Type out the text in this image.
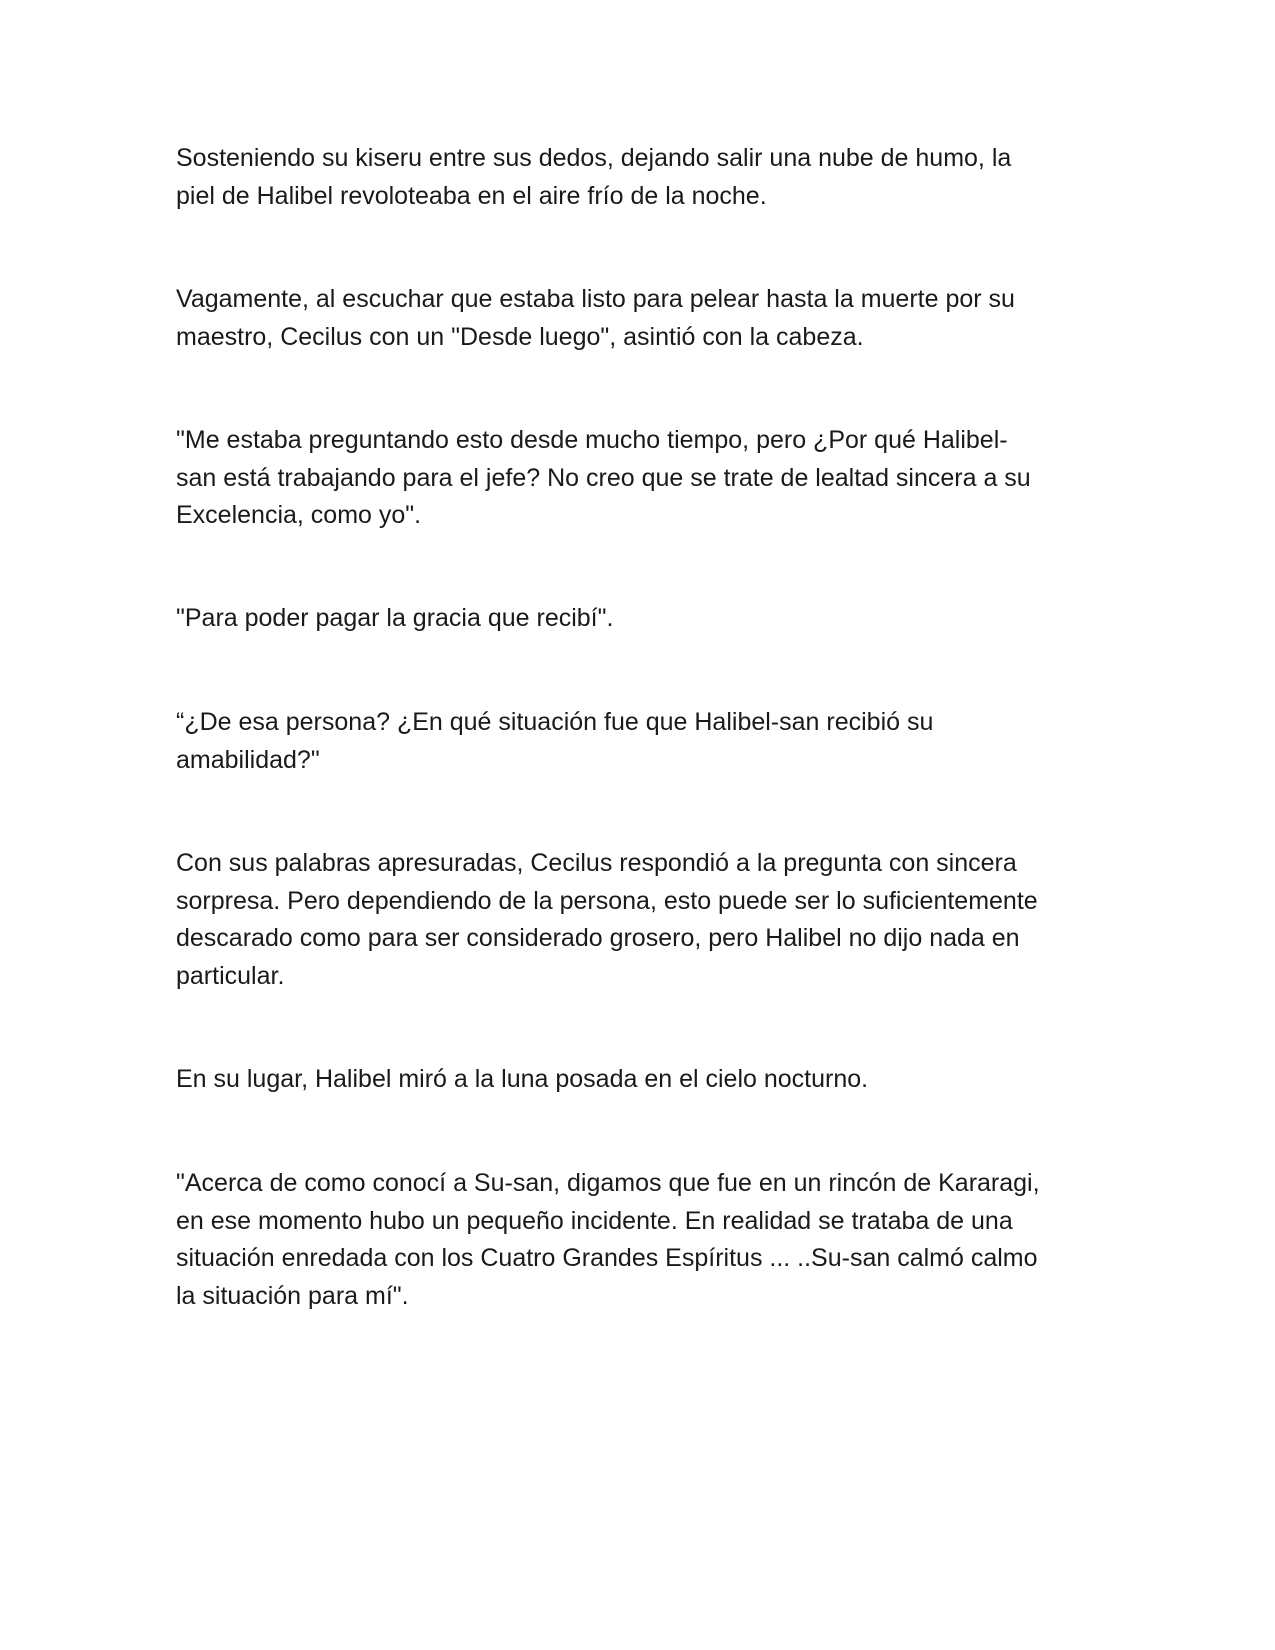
Sosteniendo su kiseru entre sus dedos, dejando salir una nube de humo, la
piel de Halibel revoloteaba en el aire frío de la noche.

Vagamente, al escuchar que estaba listo para pelear hasta la muerte por su
maestro, Cecilus con un "Desde luego", asintió con la cabeza.

"Me estaba preguntando esto desde mucho tiempo, pero ¿Por qué Halibel-
san está trabajando para el jefe? No creo que se trate de lealtad sincera a su
Excelencia, como yo".

"Para poder pagar la gracia que recibí".

“¿De esa persona? ¿En qué situación fue que Halibel-san recibió su
amabilidad?"

Con sus palabras apresuradas, Cecilus respondió a la pregunta con sincera
sorpresa. Pero dependiendo de la persona, esto puede ser lo suficientemente
descarado como para ser considerado grosero, pero Halibel no dijo nada en
particular.

En su lugar, Halibel miró a la luna posada en el cielo nocturno.

"Acerca de como conocí a Su-san, digamos que fue en un rincón de Kararagi,
en ese momento hubo un pequeño incidente. En realidad se trataba de una
situación enredada con los Cuatro Grandes Espíritus ... ..Su-san calmó calmo
la situación para mí".
